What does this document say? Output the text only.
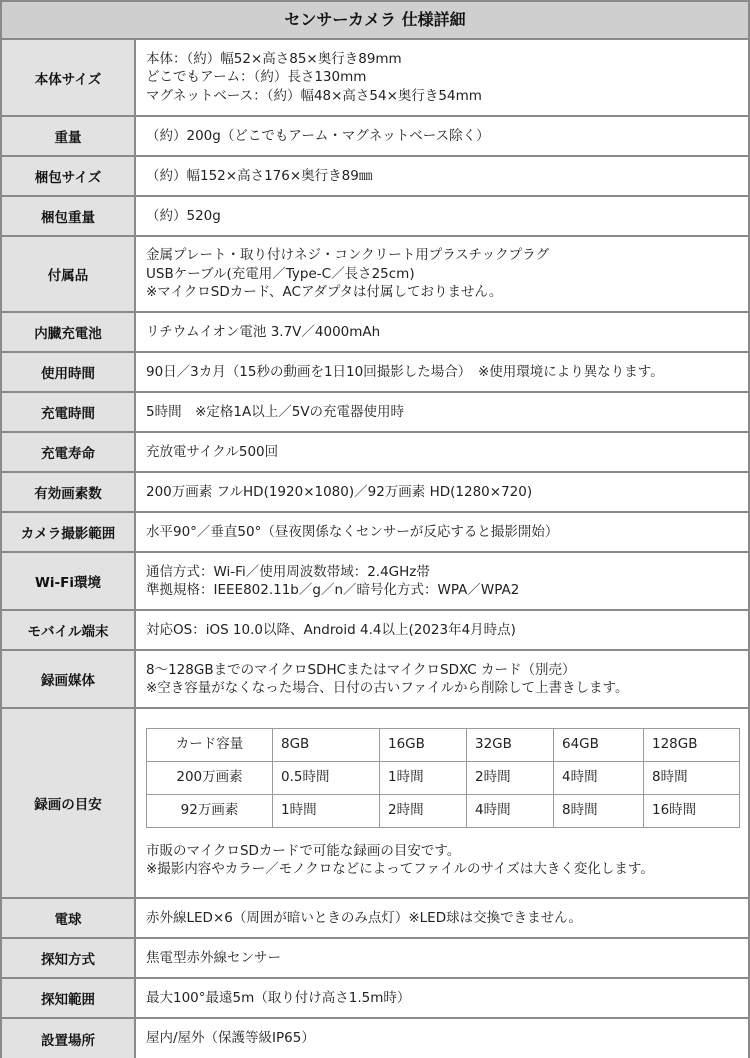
センサーカメラ 仕様詳細
本体サイズ	
本体：（約）幅52×高さ85×奥行き89mm
どこでもアーム：（約）長さ130mm
マグネットベース：（約）幅48×高さ54×奥行き54mm

重量	（約）200g（どこでもアーム・マグネットベース除く）

梱包サイズ	（約）幅152×高さ176×奥行き89㎜

梱包重量	（約）520g

付属品	
金属プレート・取り付けネジ・コンクリート用プラスチックプラグ
USBケーブル(充電用／Type-C／長さ25cm)
※マイクロSDカード、ACアダプタは付属しておりません。

内臓充電池	リチウムイオン電池 3.7V／4000mAh

使用時間	90日／3カ月（15秒の動画を1日10回撮影した場合）　※使用環境により異なります。

充電時間	5時間　※定格1A以上／5Vの充電器使用時

充電寿命	充放電サイクル500回

有効画素数	200万画素 フルHD(1920×1080)／92万画素 HD(1280×720)

カメラ撮影範囲	水平90°／垂直50°（昼夜関係なくセンサーが反応すると撮影開始）

Wi-Fi環境	
通信方式：Wi-Fi／使用周波数帯域：2.4GHz帯
準拠規格：IEEE802.11b／g／n／暗号化方式：WPA／WPA2

モバイル端末	対応OS：iOS 10.0以降、Android 4.4以上(2023年4月時点)

録画媒体	
8～128GBまでのマイクロSDHCまたはマイクロSDXC カード（別売）
※空き容量がなくなった場合、日付の古いファイルから削除して上書きします。

録画の目安	
カード容量	8GB	16GB	32GB	64GB	128GB
200万画素	0.5時間	1時間	2時間	4時間	8時間
92万画素	1時間	2時間	4時間	8時間	16時間
市販のマイクロSDカードで可能な録画の目安です。
※撮影内容やカラー／モノクロなどによってファイルのサイズは大きく変化します。

電球	赤外線LED×6（周囲が暗いときのみ点灯）※LED球は交換できません。

探知方式	焦電型赤外線センサー

探知範囲	最大100°最遠5m（取り付け高さ1.5m時）

設置場所	屋内/屋外（保護等級IP65）
